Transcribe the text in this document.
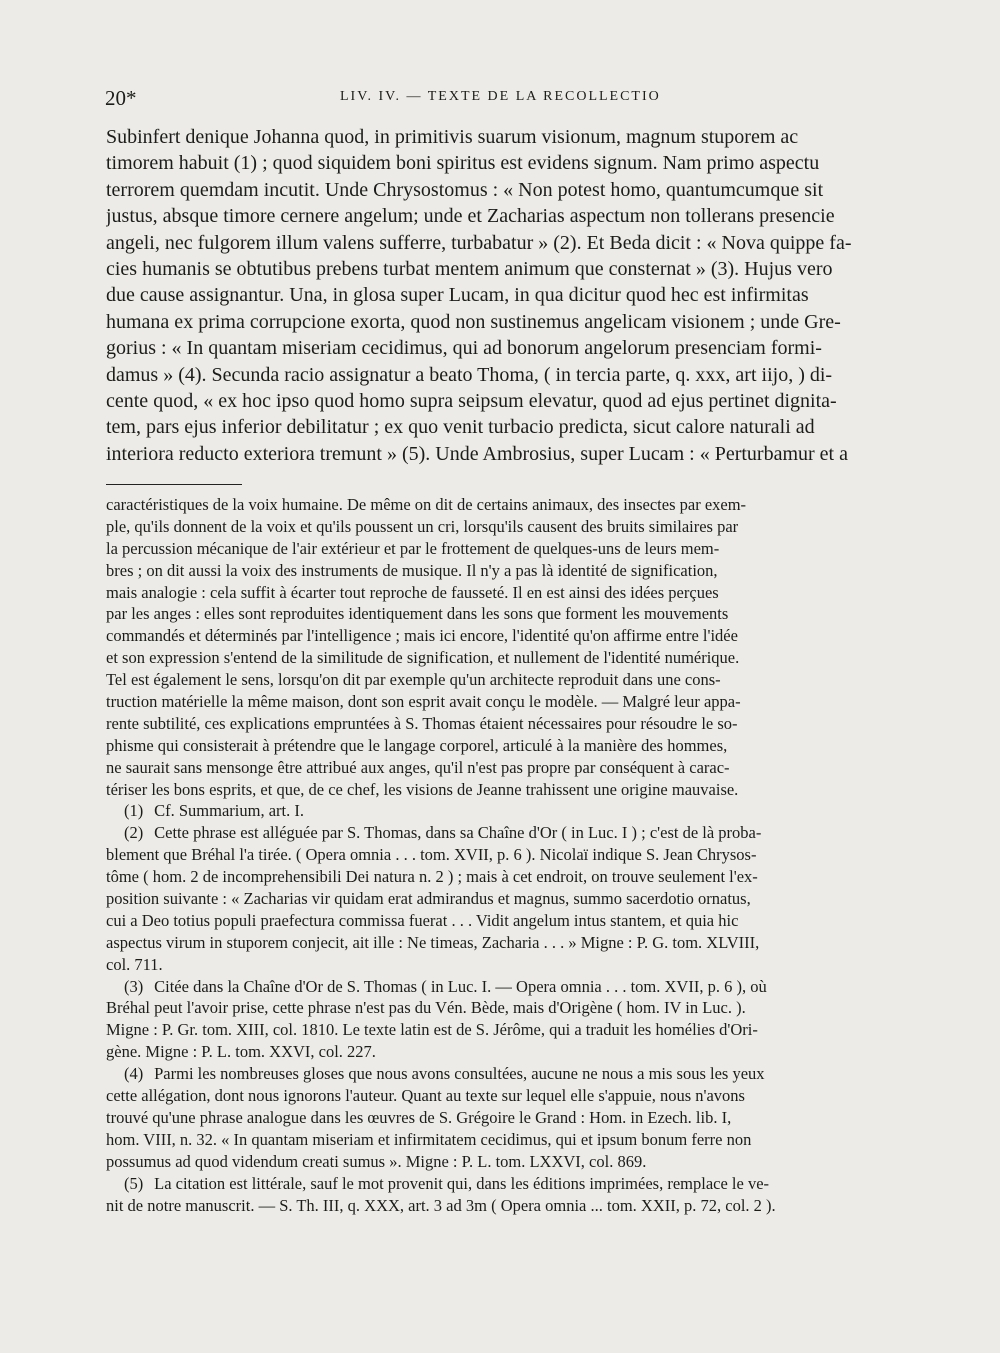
20*	LIV. IV. — TEXTE DE LA RECOLLECTIO
Subinfert denique Johanna quod, in primitivis suarum visionum, magnum stuporem ac
timorem habuit (1) ; quod siquidem boni spiritus est evidens signum. Nam primo aspectu
terrorem quemdam incutit. Unde Chrysostomus : « Non potest homo, quantumcumque sit
justus, absque timore cernere angelum; unde et Zacharias aspectum non tollerans presencie
angeli, nec fulgorem illum valens sufferre, turbabatur » (2). Et Beda dicit : « Nova quippe fa-
cies humanis se obtutibus prebens turbat mentem animum que consternat » (3). Hujus vero
due cause assignantur. Una, in glosa super Lucam, in qua dicitur quod hec est infirmitas
humana ex prima corrupcione exorta, quod non sustinemus angelicam visionem ; unde Gre-
gorius : « In quantam miseriam cecidimus, qui ad bonorum angelorum presenciam formi-
damus » (4). Secunda racio assignatur a beato Thoma, ( in tercia parte, q. xxx, art iijo, ) di-
cente quod, « ex hoc ipso quod homo supra seipsum elevatur, quod ad ejus pertinet dignita-
tem, pars ejus inferior debilitatur ; ex quo venit turbacio predicta, sicut calore naturali ad
interiora reducto exteriora tremunt » (5). Unde Ambrosius, super Lucam : « Perturbamur et a
caractéristiques de la voix humaine. De même on dit de certains animaux, des insectes par exem-
ple, qu'ils donnent de la voix et qu'ils poussent un cri, lorsqu'ils causent des bruits similaires par
la percussion mécanique de l'air extérieur et par le frottement de quelques-uns de leurs mem-
bres ; on dit aussi la voix des instruments de musique. Il n'y a pas là identité de signification,
mais analogie : cela suffit à écarter tout reproche de fausseté. Il en est ainsi des idées perçues
par les anges : elles sont reproduites identiquement dans les sons que forment les mouvements
commandés et déterminés par l'intelligence ; mais ici encore, l'identité qu'on affirme entre l'idée
et son expression s'entend de la similitude de signification, et nullement de l'identité numérique.
Tel est également le sens, lorsqu'on dit par exemple qu'un architecte reproduit dans une cons-
truction matérielle la même maison, dont son esprit avait conçu le modèle. — Malgré leur appa-
rente subtilité, ces explications empruntées à S. Thomas étaient nécessaires pour résoudre le so-
phisme qui consisterait à prétendre que le langage corporel, articulé à la manière des hommes,
ne saurait sans mensonge être attribué aux anges, qu'il n'est pas propre par conséquent à carac-
tériser les bons esprits, et que, de ce chef, les visions de Jeanne trahissent une origine mauvaise.
(1) Cf. Summarium, art. I.
(2) Cette phrase est alléguée par S. Thomas, dans sa Chaîne d'Or ( in Luc. I ) ; c'est de là proba-
blement que Bréhal l'a tirée. ( Opera omnia . . . tom. XVII, p. 6 ). Nicolaï indique S. Jean Chrysos-
tôme ( hom. 2 de incomprehensibili Dei natura n. 2 ) ; mais à cet endroit, on trouve seulement l'ex-
position suivante : « Zacharias vir quidam erat admirandus et magnus, summo sacerdotio ornatus,
cui a Deo totius populi praefectura commissa fuerat . . . Vidit angelum intus stantem, et quia hic
aspectus virum in stuporem conjecit, ait ille : Ne timeas, Zacharia . . . » Migne : P. G. tom. XLVIII,
col. 711.
(3) Citée dans la Chaîne d'Or de S. Thomas ( in Luc. I. — Opera omnia . . . tom. XVII, p. 6 ), où
Bréhal peut l'avoir prise, cette phrase n'est pas du Vén. Bède, mais d'Origène ( hom. IV in Luc. ).
Migne : P. Gr. tom. XIII, col. 1810. Le texte latin est de S. Jérôme, qui a traduit les homélies d'Ori-
gène. Migne : P. L. tom. XXVI, col. 227.
(4) Parmi les nombreuses gloses que nous avons consultées, aucune ne nous a mis sous les yeux
cette allégation, dont nous ignorons l'auteur. Quant au texte sur lequel elle s'appuie, nous n'avons
trouvé qu'une phrase analogue dans les œuvres de S. Grégoire le Grand : Hom. in Ezech. lib. I,
hom. VIII, n. 32. « In quantam miseriam et infirmitatem cecidimus, qui et ipsum bonum ferre non
possumus ad quod videndum creati sumus ». Migne : P. L. tom. LXXVI, col. 869.
(5) La citation est littérale, sauf le mot provenit qui, dans les éditions imprimées, remplace le ve-
nit de notre manuscrit. — S. Th. III, q. XXX, art. 3 ad 3m ( Opera omnia ... tom. XXII, p. 72, col. 2 ).
